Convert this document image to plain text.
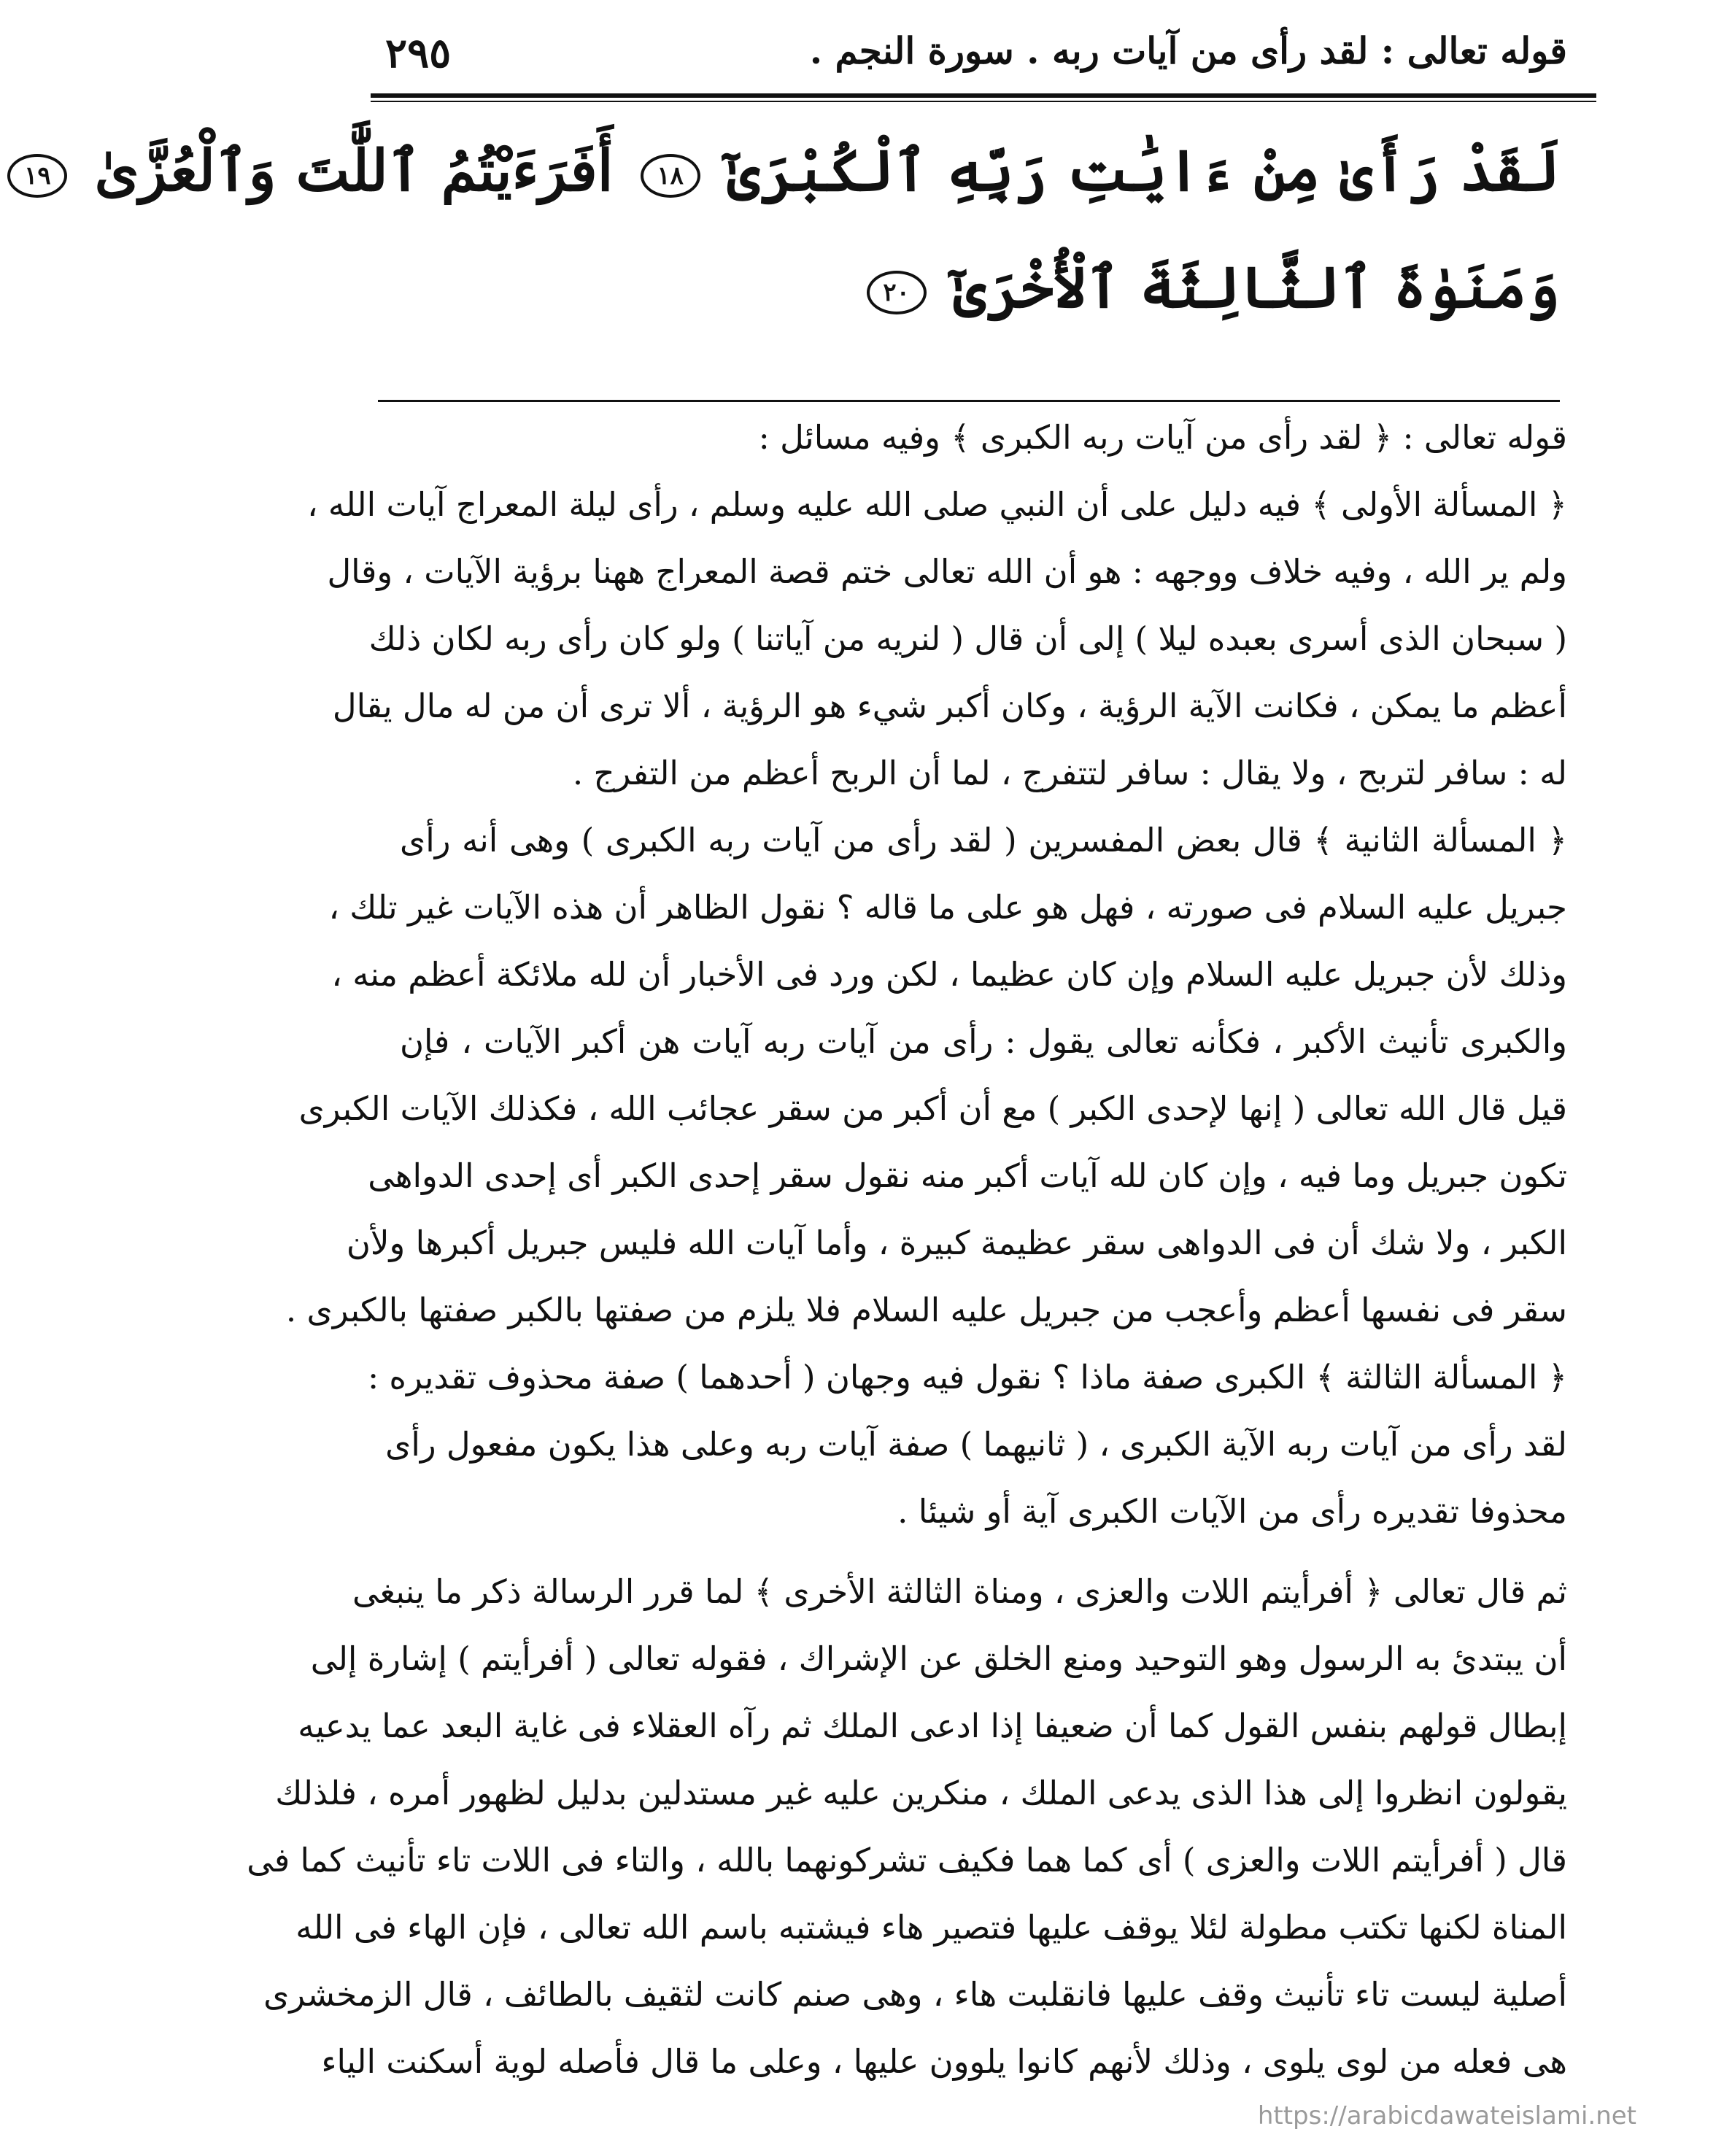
قوله تعالى : لقد رأى من آيات ربه . سورة النجم .
٢٩٥
لَقَدْ رَأَىٰ مِنْ ءَايَٰتِ رَبِّهِ ٱلْكُبْرَىٰٓ ١٨ أَفَرَءَيْتُمُ ٱللَّٰتَ وَٱلْعُزَّىٰ ١٩
وَمَنَوٰةَ ٱلثَّالِثَةَ ٱلْأُخْرَىٰٓ ٢٠
قوله تعالى : ﴿ لقد رأى من آيات ربه الكبرى ﴾ وفيه مسائل :
﴿ المسألة الأولى ﴾ فيه دليل على أن النبي صلى الله عليه وسلم ، رأى ليلة المعراج آيات الله ،
ولم ير الله ، وفيه خلاف ووجهه : هو أن الله تعالى ختم قصة المعراج ههنا برؤية الآيات ، وقال
( سبحان الذى أسرى بعبده ليلا ) إلى أن قال ( لنريه من آياتنا ) ولو كان رأى ربه لكان ذلك
أعظم ما يمكن ، فكانت الآية الرؤية ، وكان أكبر شيء هو الرؤية ، ألا ترى أن من له مال يقال
له : سافر لتربح ، ولا يقال : سافر لتتفرج ، لما أن الربح أعظم من التفرج .
﴿ المسألة الثانية ﴾ قال بعض المفسرين ( لقد رأى من آيات ربه الكبرى ) وهى أنه رأى
جبريل عليه السلام فى صورته ، فهل هو على ما قاله ؟ نقول الظاهر أن هذه الآيات غير تلك ،
وذلك لأن جبريل عليه السلام وإن كان عظيما ، لكن ورد فى الأخبار أن لله ملائكة أعظم منه ،
والكبرى تأنيث الأكبر ، فكأنه تعالى يقول : رأى من آيات ربه آيات هن أكبر الآيات ، فإن
قيل قال الله تعالى ( إنها لإحدى الكبر ) مع أن أكبر من سقر عجائب الله ، فكذلك الآيات الكبرى
تكون جبريل وما فيه ، وإن كان لله آيات أكبر منه نقول سقر إحدى الكبر أى إحدى الدواهى
الكبر ، ولا شك أن فى الدواهى سقر عظيمة كبيرة ، وأما آيات الله فليس جبريل أكبرها ولأن
سقر فى نفسها أعظم وأعجب من جبريل عليه السلام فلا يلزم من صفتها بالكبر صفتها بالكبرى .
﴿ المسألة الثالثة ﴾ الكبرى صفة ماذا ؟ نقول فيه وجهان ( أحدهما ) صفة محذوف تقديره :
لقد رأى من آيات ربه الآية الكبرى ، ( ثانيهما ) صفة آيات ربه وعلى هذا يكون مفعول رأى
محذوفا تقديره رأى من الآيات الكبرى آية أو شيئا .
ثم قال تعالى ﴿ أفرأيتم اللات والعزى ، ومناة الثالثة الأخرى ﴾ لما قرر الرسالة ذكر ما ينبغى
أن يبتدئ به الرسول وهو التوحيد ومنع الخلق عن الإشراك ، فقوله تعالى ( أفرأيتم ) إشارة إلى
إبطال قولهم بنفس القول كما أن ضعيفا إذا ادعى الملك ثم رآه العقلاء فى غاية البعد عما يدعيه
يقولون انظروا إلى هذا الذى يدعى الملك ، منكرين عليه غير مستدلين بدليل لظهور أمره ، فلذلك
قال ( أفرأيتم اللات والعزى ) أى كما هما فكيف تشركونهما بالله ، والتاء فى اللات تاء تأنيث كما فى
المناة لكنها تكتب مطولة لئلا يوقف عليها فتصير هاء فيشتبه باسم الله تعالى ، فإن الهاء فى الله
أصلية ليست تاء تأنيث وقف عليها فانقلبت هاء ، وهى صنم كانت لثقيف بالطائف ، قال الزمخشرى
هى فعله من لوى يلوى ، وذلك لأنهم كانوا يلوون عليها ، وعلى ما قال فأصله لوية أسكنت الياء
https://arabicdawateislami.net
